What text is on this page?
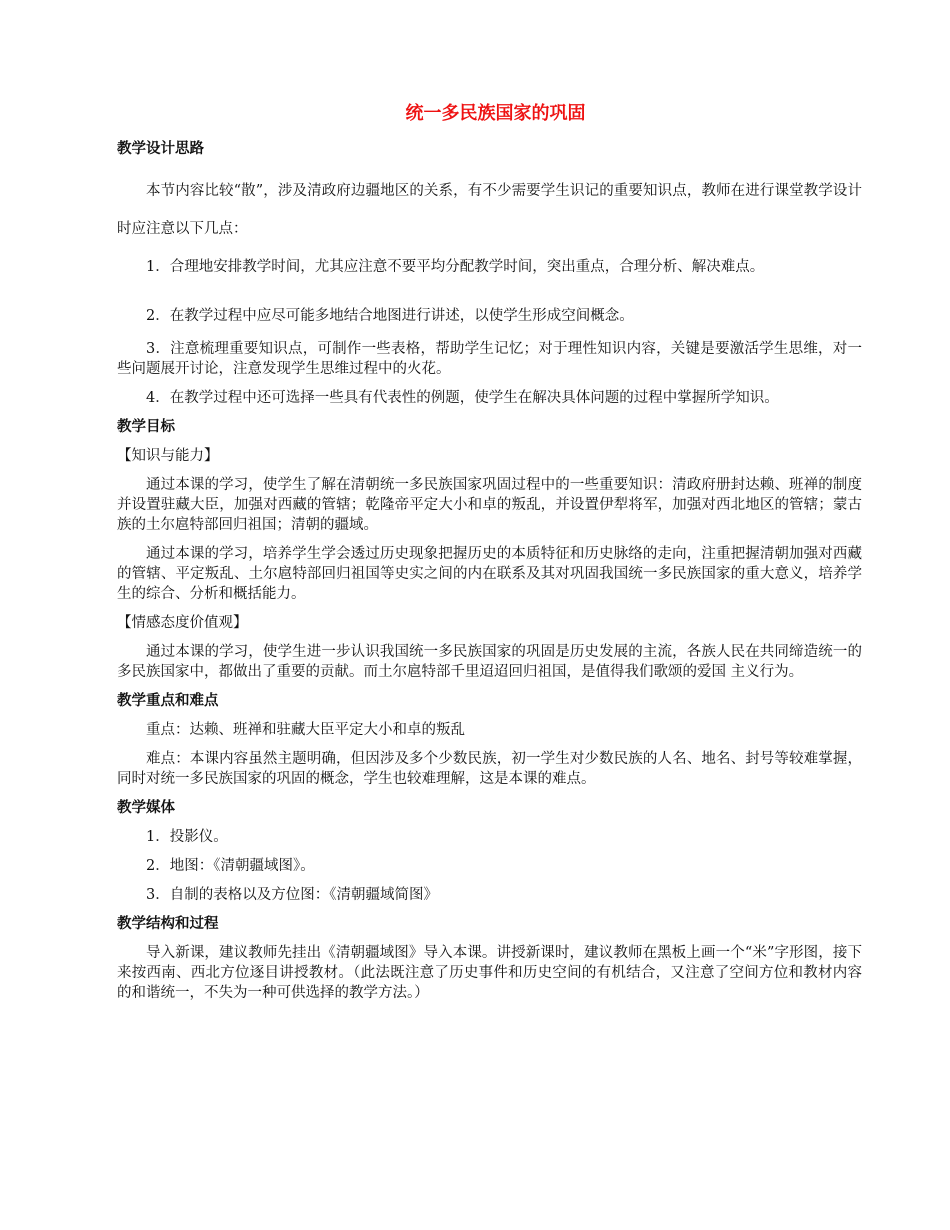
统一多民族国家的巩固
教学设计思路

本节内容比较“散”，涉及清政府边疆地区的关系，有不少需要学生识记的重要知识点，教师在进行课堂教学设计时应注意以下几点：

1．合理地安排教学时间，尤其应注意不要平均分配教学时间，突出重点，合理分析、解决难点。

2．在教学过程中应尽可能多地结合地图进行讲述，以使学生形成空间概念。

3．注意梳理重要知识点，可制作一些表格，帮助学生记忆；对于理性知识内容，关键是要激活学生思维，对一些问题展开讨论，注意发现学生思维过程中的火花。

4．在教学过程中还可选择一些具有代表性的例题，使学生在解决具体问题的过程中掌握所学知识。

教学目标

【知识与能力】

通过本课的学习，使学生了解在清朝统一多民族国家巩固过程中的一些重要知识：清政府册封达赖、班禅的制度并设置驻藏大臣，加强对西藏的管辖；乾隆帝平定大小和卓的叛乱，并设置伊犁将军，加强对西北地区的管辖；蒙古族的土尔扈特部回归祖国；清朝的疆域。

通过本课的学习，培养学生学会透过历史现象把握历史的本质特征和历史脉络的走向，注重把握清朝加强对西藏的管辖、平定叛乱、土尔扈特部回归祖国等史实之间的内在联系及其对巩固我国统一多民族国家的重大意义，培养学生的综合、分析和概括能力。

【情感态度价值观】

通过本课的学习，使学生进一步认识我国统一多民族国家的巩固是历史发展的主流，各族人民在共同缔造统一的多民族国家中，都做出了重要的贡献。而土尔扈特部千里迢迢回归祖国，是值得我们歌颂的爱国 主义行为。

教学重点和难点

重点：达赖、班禅和驻藏大臣平定大小和卓的叛乱

难点：本课内容虽然主题明确，但因涉及多个少数民族，初一学生对少数民族的人名、地名、封号等较难掌握，同时对统一多民族国家的巩固的概念，学生也较难理解，这是本课的难点。

教学媒体

1．投影仪。

2．地图：《清朝疆域图》。

3．自制的表格以及方位图：《清朝疆域简图》

教学结构和过程

导入新课，建议教师先挂出《清朝疆域图》导入本课。讲授新课时，建议教师在黑板上画一个“米”字形图，接下来按西南、西北方位逐目讲授教材。（此法既注意了历史事件和历史空间的有机结合，又注意了空间方位和教材内容的和谐统一，不失为一种可供选择的教学方法。）
